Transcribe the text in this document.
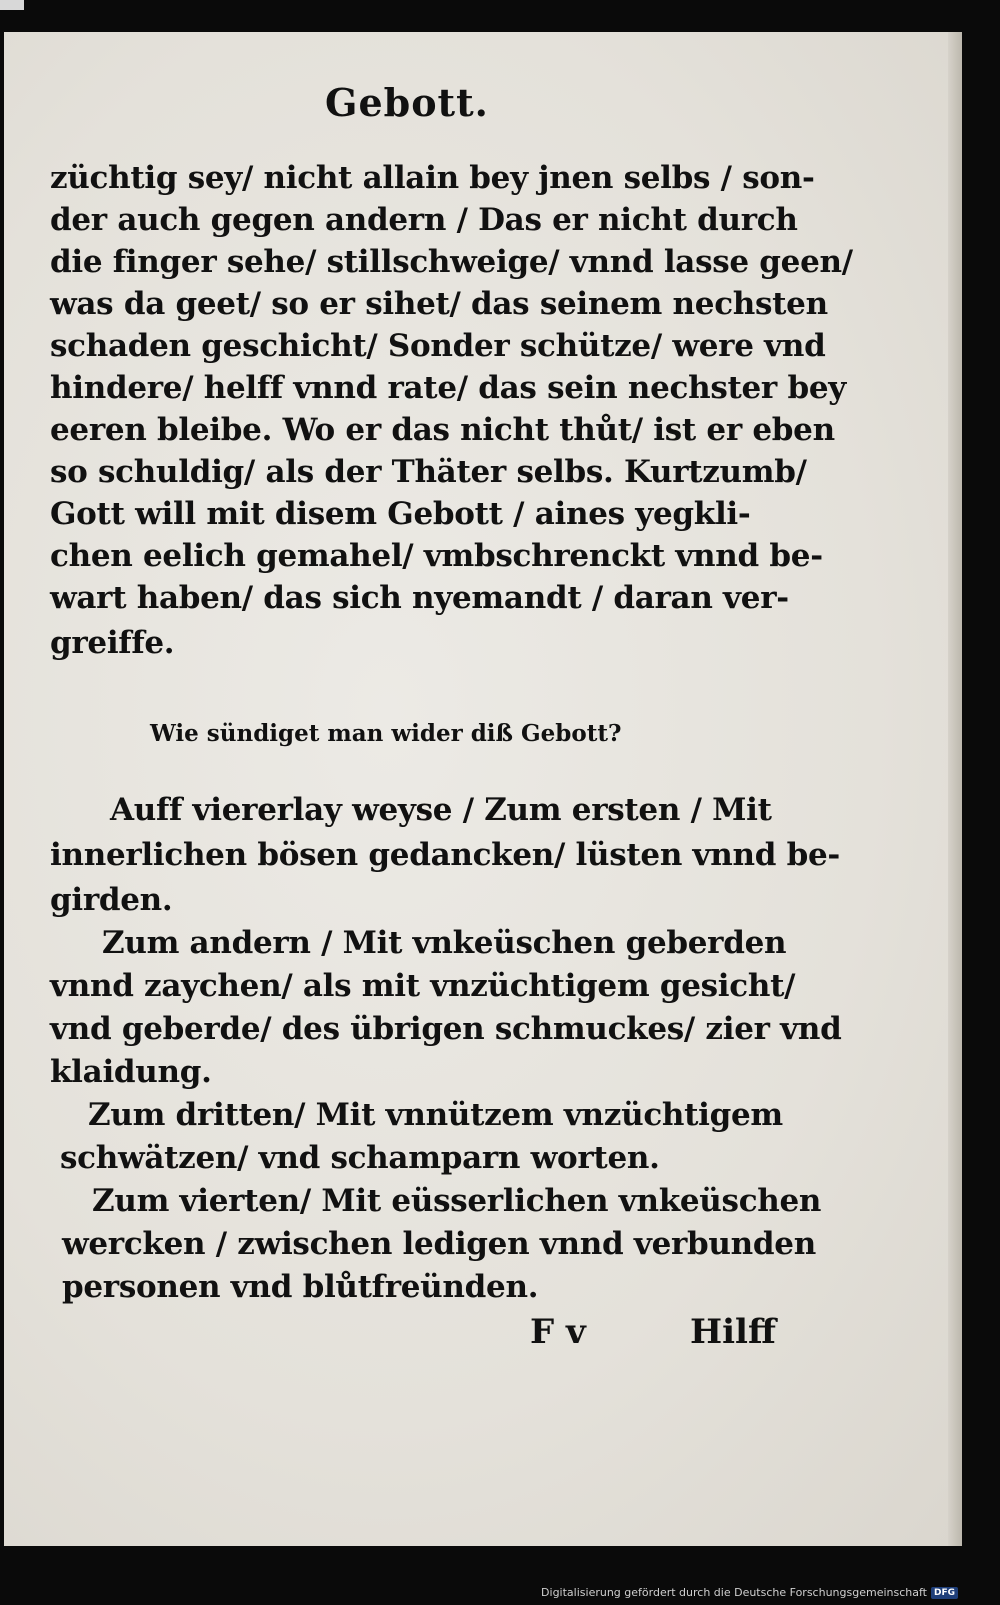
Gebott.
züchtig sey/ nicht allain bey jnen selbs / son-
der auch gegen andern / Das er nicht durch
die finger sehe/ stillschweige/ vnnd lasse geen/
was da geet/ so er sihet/ das seinem nechsten
schaden geschicht/ Sonder schütze/ were vnd
hindere/ helff vnnd rate/ das sein nechster bey
eeren bleibe. Wo er das nicht thůt/ ist er eben
so schuldig/ als der Thäter selbs. Kurtzumb/
Gott will mit disem Gebott / aines yegkli-
chen eelich gemahel/ vmbschrenckt vnnd be-
wart haben/ das sich nyemandt / daran ver-
greiffe.
Wie sündiget man wider diß Gebott?
Auff viererlay weyse / Zum ersten / Mit
innerlichen bösen gedancken/ lüsten vnnd be-
girden.
Zum andern / Mit vnkeüschen geberden
vnnd zaychen/ als mit vnzüchtigem gesicht/
vnd geberde/ des übrigen schmuckes/ zier vnd
klaidung.
Zum dritten/ Mit vnnützem vnzüchtigem
schwätzen/ vnd schamparn worten.
Zum vierten/ Mit eüsserlichen vnkeüschen
wercken / zwischen ledigen vnnd verbunden
personen vnd blůtfreünden.
F v	Hilff
Digitalisierung gefördert durch die Deutsche Forschungsgemeinschaft DFG
